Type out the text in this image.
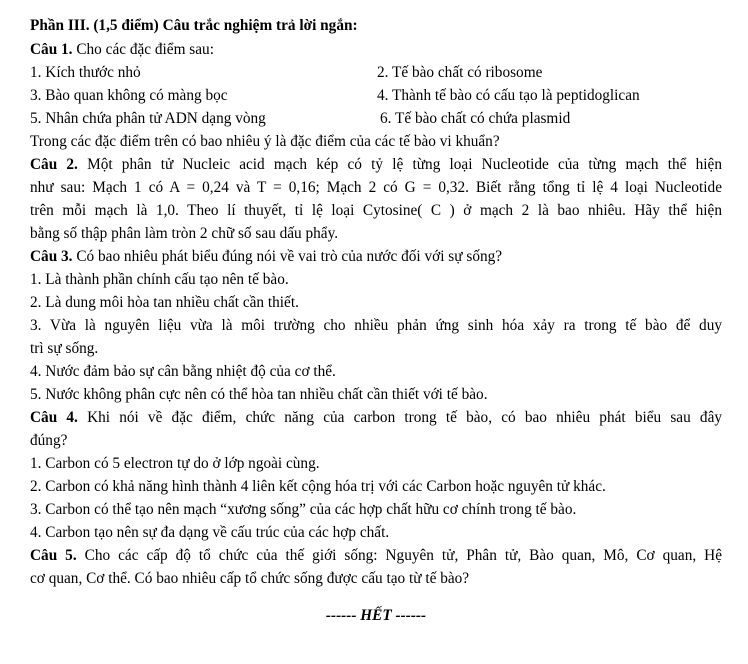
Phần III. (1,5 điểm) Câu trắc nghiệm trả lời ngắn:
Câu 1. Cho các đặc điểm sau:
1. Kích thước nhỏ	2. Tế bào chất có ribosome
3. Bào quan không có màng bọc	4. Thành tế bào có cấu tạo là peptidoglican
5. Nhân chứa phân tử ADN dạng vòng	6. Tế bào chất có chứa plasmid
Trong các đặc điểm trên có bao nhiêu ý là đặc điểm của các tế bào vi khuẩn?
Câu 2. Một phân tử Nucleic acid mạch kép có tỷ lệ từng loại Nucleotide của từng mạch thể hiện
như sau: Mạch 1 có A = 0,24 và T = 0,16; Mạch 2 có G = 0,32. Biết rằng tổng tỉ lệ 4 loại Nucleotide
trên mỗi mạch là 1,0. Theo lí thuyết, tỉ lệ loại Cytosine( C ) ở mạch 2 là bao nhiêu. Hãy thể hiện
bằng số thập phân làm tròn 2 chữ số sau dấu phẩy.
Câu 3. Có bao nhiêu phát biểu đúng nói về vai trò của nước đối với sự sống?
1. Là thành phần chính cấu tạo nên tế bào.
2. Là dung môi hòa tan nhiều chất cần thiết.
3. Vừa là nguyên liệu vừa là môi trường cho nhiều phản ứng sinh hóa xảy ra trong tế bào để duy
trì sự sống.
4. Nước đảm bảo sự cân bằng nhiệt độ của cơ thể.
5. Nước không phân cực nên có thể hòa tan nhiều chất cần thiết với tế bào.
Câu 4. Khi nói về đặc điểm, chức năng của carbon trong tế bào, có bao nhiêu phát biểu sau đây
đúng?
1. Carbon có 5 electron tự do ở lớp ngoài cùng.
2. Carbon có khả năng hình thành 4 liên kết cộng hóa trị với các Carbon hoặc nguyên tử khác.
3. Carbon có thể tạo nên mạch “xương sống” của các hợp chất hữu cơ chính trong tế bào.
4. Carbon tạo nên sự đa dạng về cấu trúc của các hợp chất.
Câu 5. Cho các cấp độ tổ chức của thế giới sống: Nguyên tử, Phân tử, Bào quan, Mô, Cơ quan, Hệ
cơ quan, Cơ thể. Có bao nhiêu cấp tổ chức sống được cấu tạo từ tế bào?
------ HẾT ------
